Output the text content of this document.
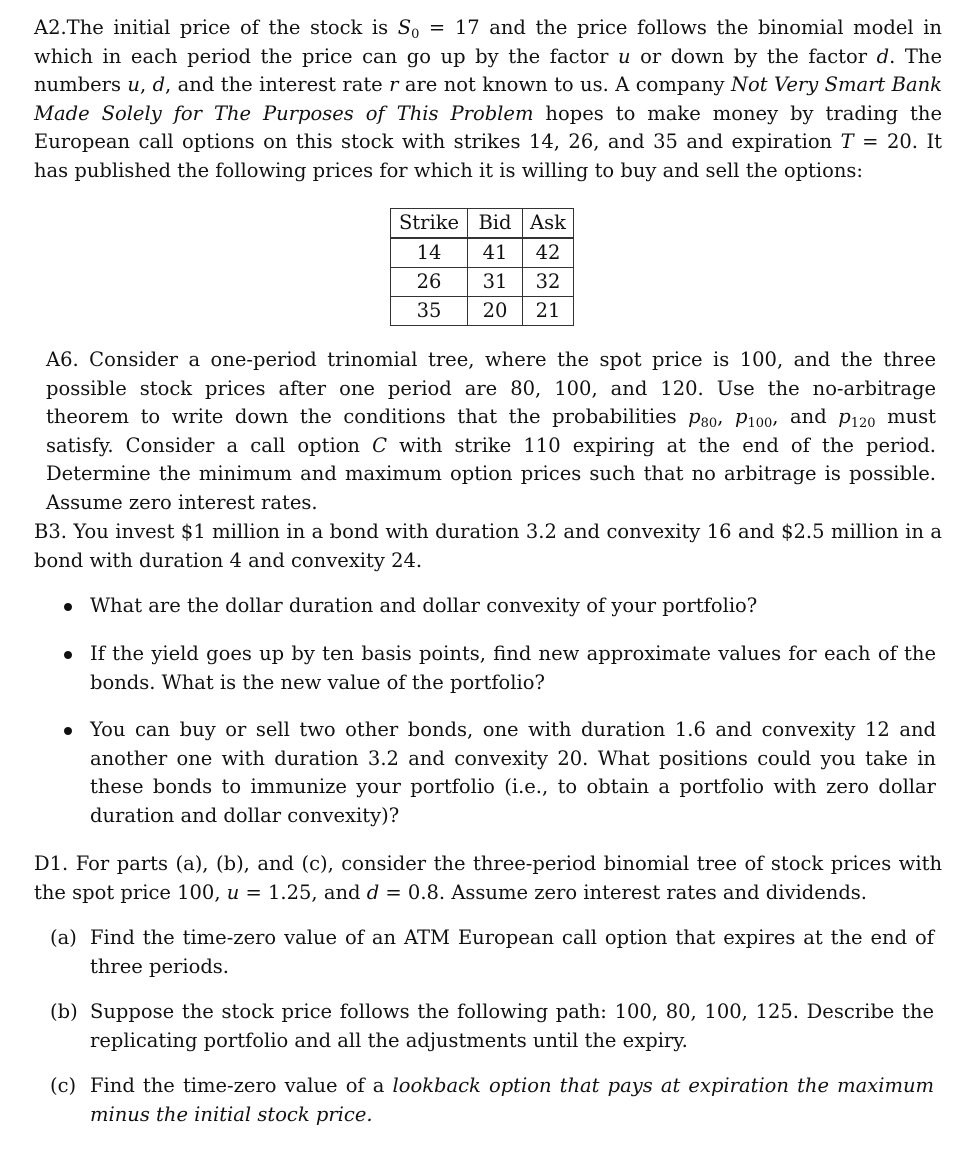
A2.The initial price of the stock is $S_0 = 17$ and the price follows the binomial model in which in each period the price can go up by the factor u or down by the factor d. The numbers u, d, and the interest rate r are not known to us. A company Not Very Smart Bank Made Solely for The Purposes of This Problem hopes to make money by trading the European call options on this stock with strikes 14, 26, and 35 and expiration T = 20. It has published the following prices for which it is willing to buy and sell the options:

Strike	Bid	Ask
14	41	42
26	31	32
35	20	21

A6. Consider a one-period trinomial tree, where the spot price is 100, and the three possible stock prices after one period are 80, 100, and 120. Use the no-arbitrage theorem to write down the conditions that the probabilities $p_{80}$, $p_{100}$, and $p_{120}$ must satisfy. Consider a call option C with strike 110 expiring at the end of the period. Determine the minimum and maximum option prices such that no arbitrage is possible. Assume zero interest rates.

B3. You invest $1 million in a bond with duration 3.2 and convexity 16 and $2.5 million in a bond with duration 4 and convexity 24.

What are the dollar duration and dollar convexity of your portfolio?
If the yield goes up by ten basis points, find new approximate values for each of the bonds. What is the new value of the portfolio?
You can buy or sell two other bonds, one with duration 1.6 and convexity 12 and another one with duration 3.2 and convexity 20. What positions could you take in these bonds to immunize your portfolio (i.e., to obtain a portfolio with zero dollar duration and dollar convexity)?

D1. For parts (a), (b), and (c), consider the three-period binomial tree of stock prices with the spot price 100, u = 1.25, and d = 0.8. Assume zero interest rates and dividends.

(a) Find the time-zero value of an ATM European call option that expires at the end of three periods.
(b) Suppose the stock price follows the following path: 100, 80, 100, 125. Describe the replicating portfolio and all the adjustments until the expiry.
(c) Find the time-zero value of a lookback option that pays at expiration the maximum minus the initial stock price.
